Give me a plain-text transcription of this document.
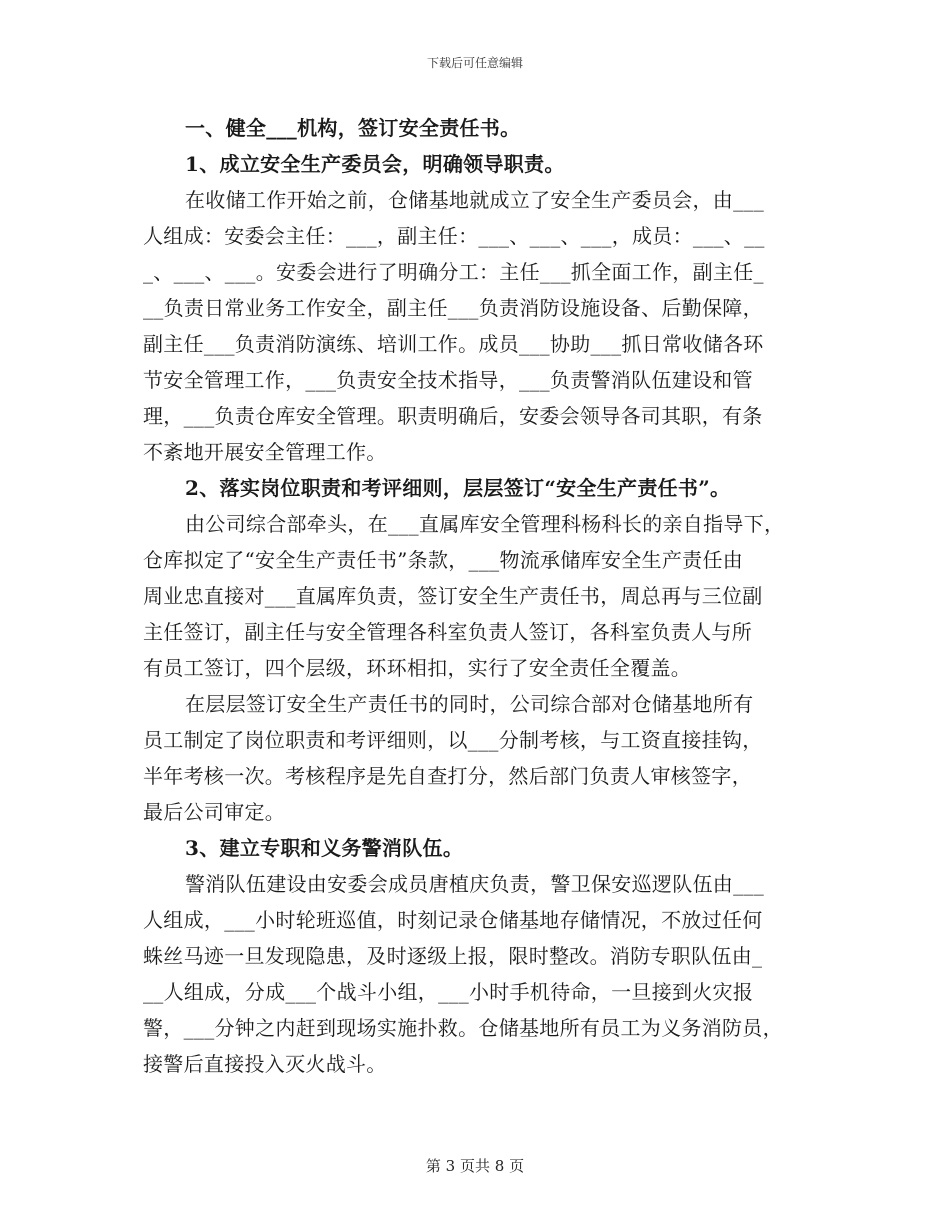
下载后可任意编辑
一、健全___机构，签订安全责任书。
1、成立安全生产委员会，明确领导职责。
在收储工作开始之前，仓储基地就成立了安全生产委员会，由___
人组成：安委会主任：___，副主任：___、___、___，成员：___、__
_、___、___。安委会进行了明确分工：主任___抓全面工作，副主任_
__负责日常业务工作安全，副主任___负责消防设施设备、后勤保障，
副主任___负责消防演练、培训工作。成员___协助___抓日常收储各环
节安全管理工作，___负责安全技术指导，___负责警消队伍建设和管
理，___负责仓库安全管理。职责明确后，安委会领导各司其职，有条
不紊地开展安全管理工作。
2、落实岗位职责和考评细则，层层签订“安全生产责任书”。
由公司综合部牵头，在___直属库安全管理科杨科长的亲自指导下，
仓库拟定了“安全生产责任书”条款，___物流承储库安全生产责任由
周业忠直接对___直属库负责，签订安全生产责任书，周总再与三位副
主任签订，副主任与安全管理各科室负责人签订，各科室负责人与所
有员工签订，四个层级，环环相扣，实行了安全责任全覆盖。
在层层签订安全生产责任书的同时，公司综合部对仓储基地所有
员工制定了岗位职责和考评细则，以___分制考核，与工资直接挂钩，
半年考核一次。考核程序是先自查打分，然后部门负责人审核签字，
最后公司审定。
3、建立专职和义务警消队伍。
警消队伍建设由安委会成员唐植庆负责，警卫保安巡逻队伍由___
人组成，___小时轮班巡值，时刻记录仓储基地存储情况，不放过任何
蛛丝马迹一旦发现隐患，及时逐级上报，限时整改。消防专职队伍由_
__人组成，分成___个战斗小组，___小时手机待命，一旦接到火灾报
警，___分钟之内赶到现场实施扑救。仓储基地所有员工为义务消防员，
接警后直接投入灭火战斗。
第 3 页共 8 页
